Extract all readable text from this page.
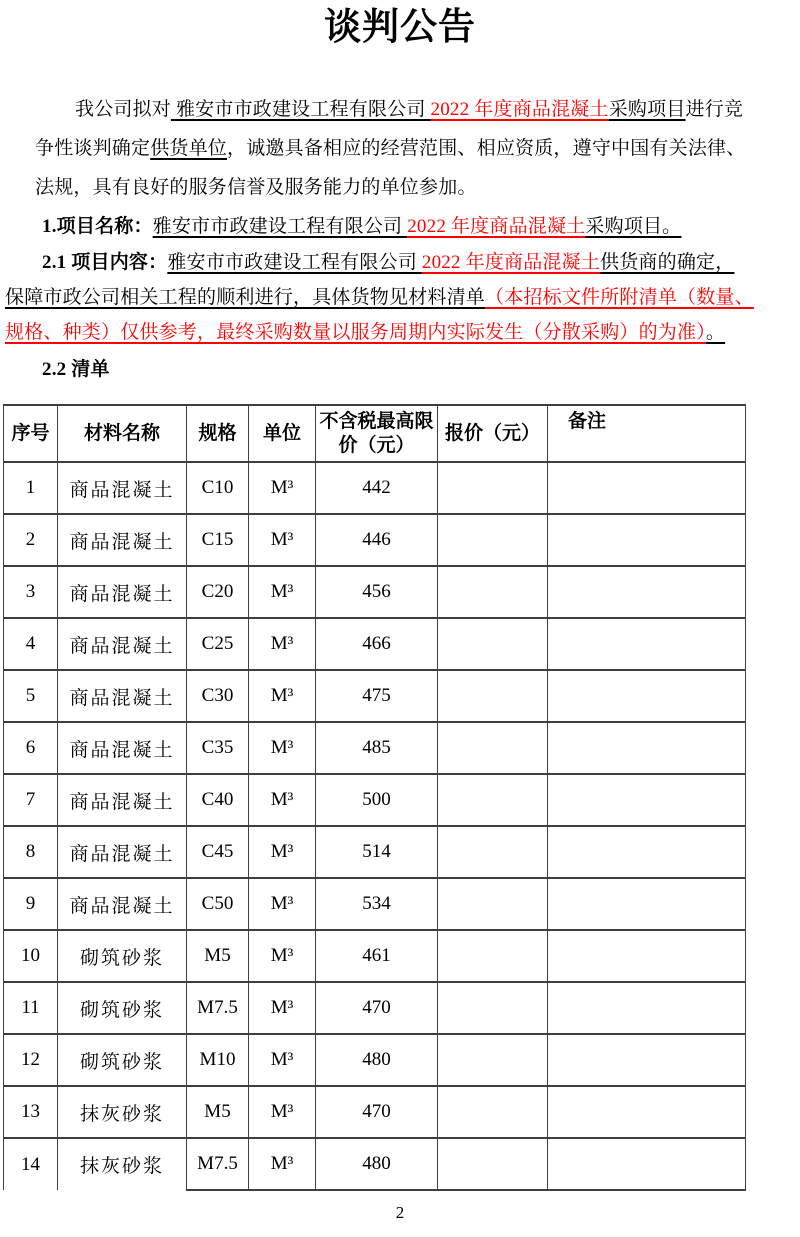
谈判公告
我公司拟对 雅安市市政建设工程有限公司 2022 年度商品混凝土采购项目进行竞
争性谈判确定供货单位，诚邀具备相应的经营范围、相应资质，遵守中国有关法律、
法规，具有良好的服务信誉及服务能力的单位参加。
1.项目名称：雅安市市政建设工程有限公司 2022 年度商品混凝土采购项目。
2.1 项目内容：雅安市市政建设工程有限公司 2022 年度商品混凝土供货商的确定，
保障市政公司相关工程的顺利进行，具体货物见材料清单（本招标文件所附清单（数量、
规格、种类）仅供参考，最终采购数量以服务周期内实际发生（分散采购）的为准）。
2.2 清单
序号	材料名称	规格	单位	不含税最高限价（元）	报价（元）	备注
1	商品混凝土	C10	M³	442		
2	商品混凝土	C15	M³	446		
3	商品混凝土	C20	M³	456		
4	商品混凝土	C25	M³	466		
5	商品混凝土	C30	M³	475		
6	商品混凝土	C35	M³	485		
7	商品混凝土	C40	M³	500		
8	商品混凝土	C45	M³	514		
9	商品混凝土	C50	M³	534		
10	砌筑砂浆	M5	M³	461		
11	砌筑砂浆	M7.5	M³	470		
12	砌筑砂浆	M10	M³	480		
13	抹灰砂浆	M5	M³	470		
14	抹灰砂浆	M7.5	M³	480		
2
